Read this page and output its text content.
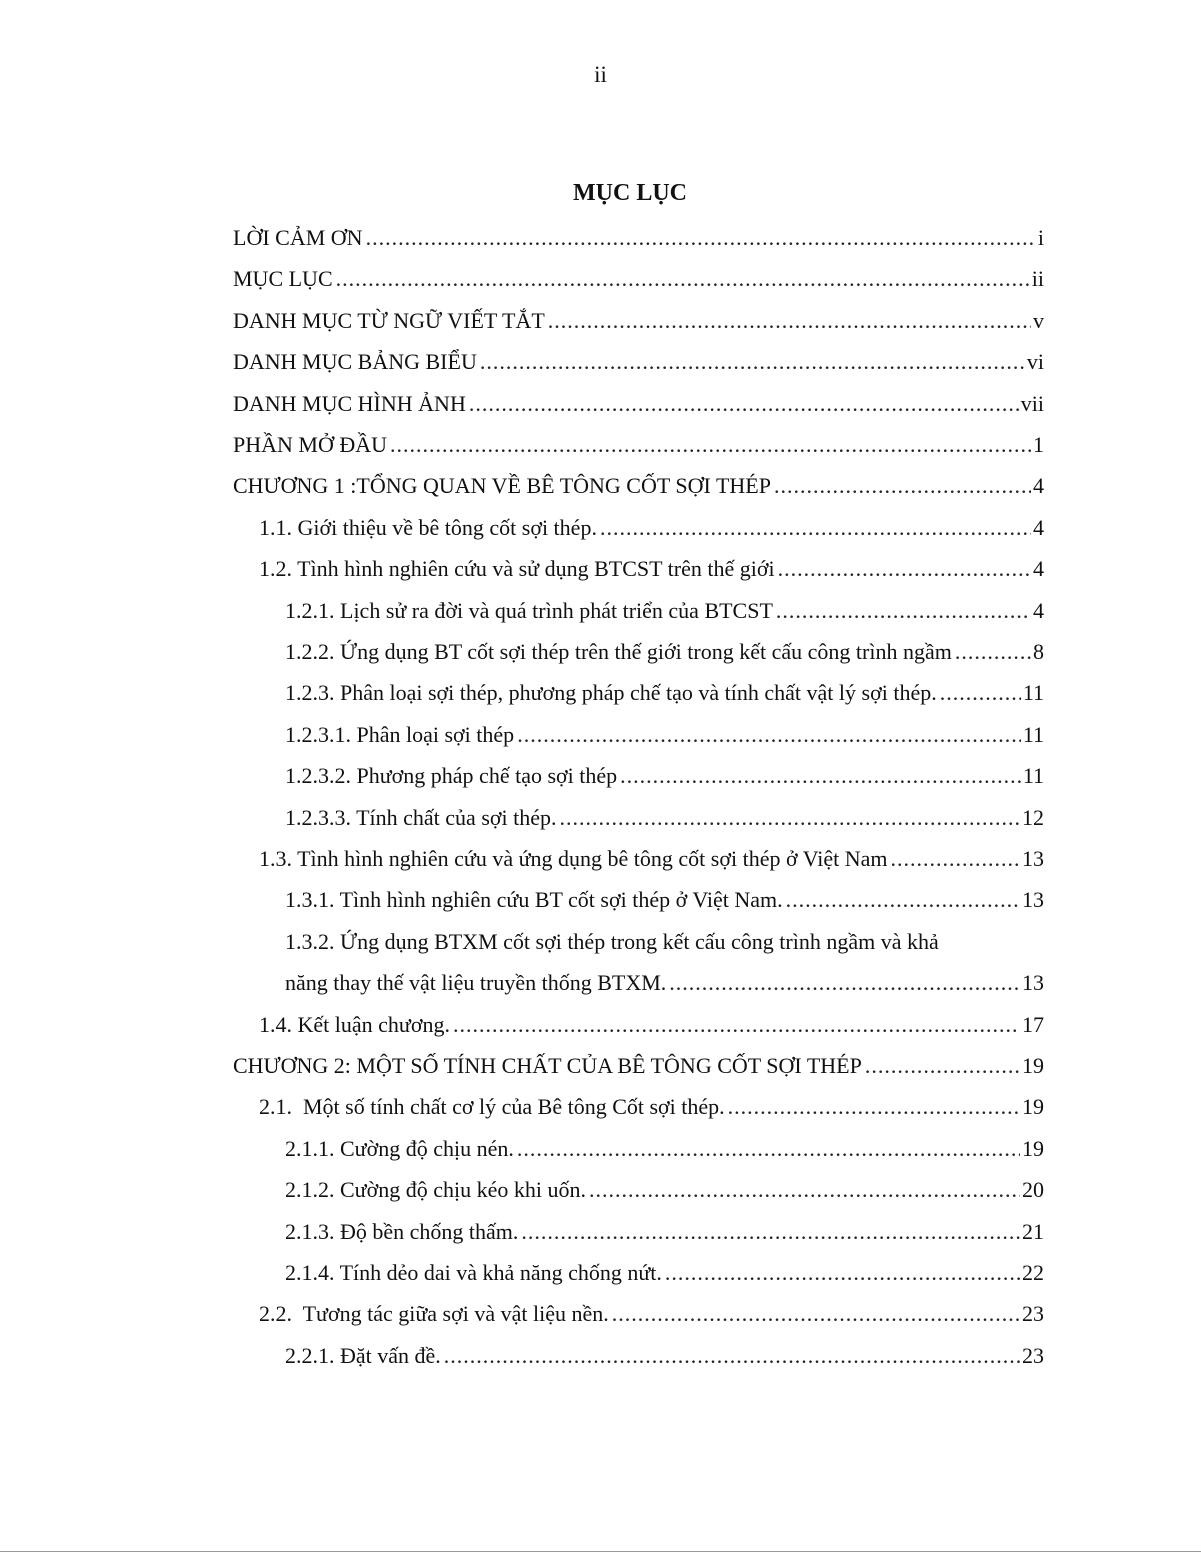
ii
MỤC LỤC
LỜI CẢM ƠN .....	i
MỤC LỤC .....	ii
DANH MỤC TỪ NGỮ VIẾT TẮT .....	v
DANH MỤC BẢNG BIỂU .....	vi
DANH MỤC HÌNH ẢNH .....	vii
PHẦN MỞ ĐẦU .....	1
CHƯƠNG 1 :TỔNG QUAN VỀ BÊ TÔNG CỐT SỢI THÉP .....	4
1.1. Giới thiệu về bê tông cốt sợi thép. .....	4
1.2. Tình hình nghiên cứu và sử dụng BTCST trên thế giới .....	4
1.2.1. Lịch sử ra đời và quá trình phát triển của BTCST .....	4
1.2.2. Ứng dụng BT cốt sợi thép trên thế giới trong kết cấu công trình ngầm .....	8
1.2.3. Phân loại sợi thép, phương pháp chế tạo và tính chất vật lý sợi thép. .....	11
1.2.3.1. Phân loại sợi thép .....	11
1.2.3.2. Phương pháp chế tạo sợi thép .....	11
1.2.3.3. Tính chất của sợi thép. .....	12
1.3. Tình hình nghiên cứu và ứng dụng bê tông cốt sợi thép ở Việt Nam .....	13
1.3.1. Tình hình nghiên cứu BT cốt sợi thép ở Việt Nam. .....	13
1.3.2. Ứng dụng BTXM cốt sợi thép trong kết cấu công trình ngầm và khả
năng thay thế vật liệu truyền thống BTXM. .....	13
1.4. Kết luận chương. .....	17
CHƯƠNG 2: MỘT SỐ TÍNH CHẤT CỦA BÊ TÔNG CỐT SỢI THÉP .....	19
2.1.  Một số tính chất cơ lý của Bê tông Cốt sợi thép. .....	19
2.1.1. Cường độ chịu nén. .....	19
2.1.2. Cường độ chịu kéo khi uốn. .....	20
2.1.3. Độ bền chống thấm. .....	21
2.1.4. Tính dẻo dai và khả năng chống nứt. .....	22
2.2.  Tương tác giữa sợi và vật liệu nền. .....	23
2.2.1. Đặt vấn đề. .....	23
